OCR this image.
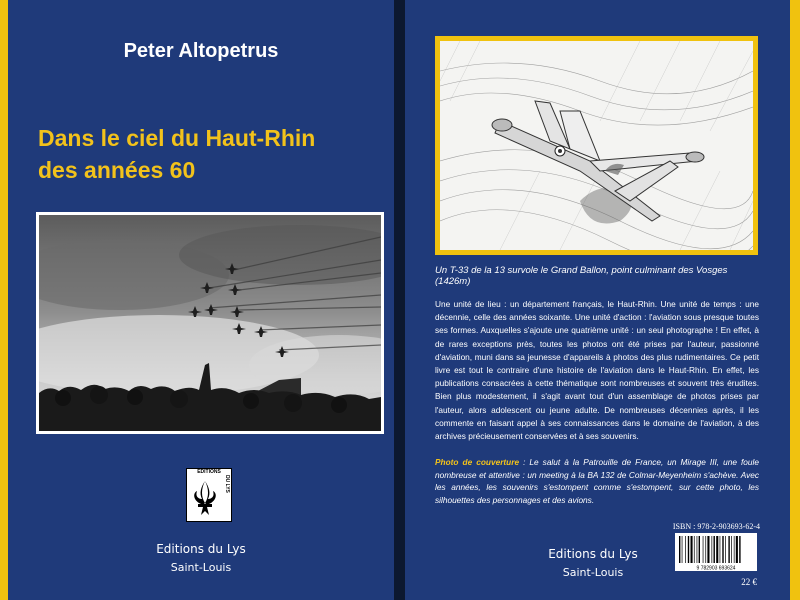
Peter Altopetrus
Dans le ciel du Haut-Rhin
des années 60
EDITIONS
DU LYS
Editions du Lys
Saint-Louis
Un T-33 de la 13 survole le Grand Ballon, point culminant des Vosges (1426m)
Une unité de lieu : un département français, le Haut-Rhin. Une unité de temps : une décennie, celle des années soixante. Une unité d'action : l'aviation sous presque toutes ses formes. Auxquelles s'ajoute une quatrième unité : un seul photographe ! En effet, à de rares exceptions près, toutes les photos ont été prises par l'auteur, passionné d'aviation, muni dans sa jeunesse d'appareils à photos des plus rudimentaires. Ce petit livre est tout le contraire d'une histoire de l'aviation dans le Haut-Rhin. En effet, les publications consacrées à cette thématique sont nombreuses et souvent très érudites. Bien plus modestement, il s'agit avant tout d'un assemblage de photos prises par l'auteur, alors adolescent ou jeune adulte. De nombreuses décennies après, il les commente en faisant appel à ses connaissances dans le domaine de l'aviation, à des archives précieusement conservées et à ses souvenirs.
Photo de couverture : Le salut à la Patrouille de France, un Mirage III, une foule nombreuse et attentive : un meeting à la BA 132 de Colmar-Meyenheim s'achève. Avec les années, les souvenirs s'estompent comme s'estompent, sur cette photo, les silhouettes des personnages et des avions.
Editions du Lys
Saint-Louis
ISBN : 978-2-903693-62-4
9 782903 693624
22 €
